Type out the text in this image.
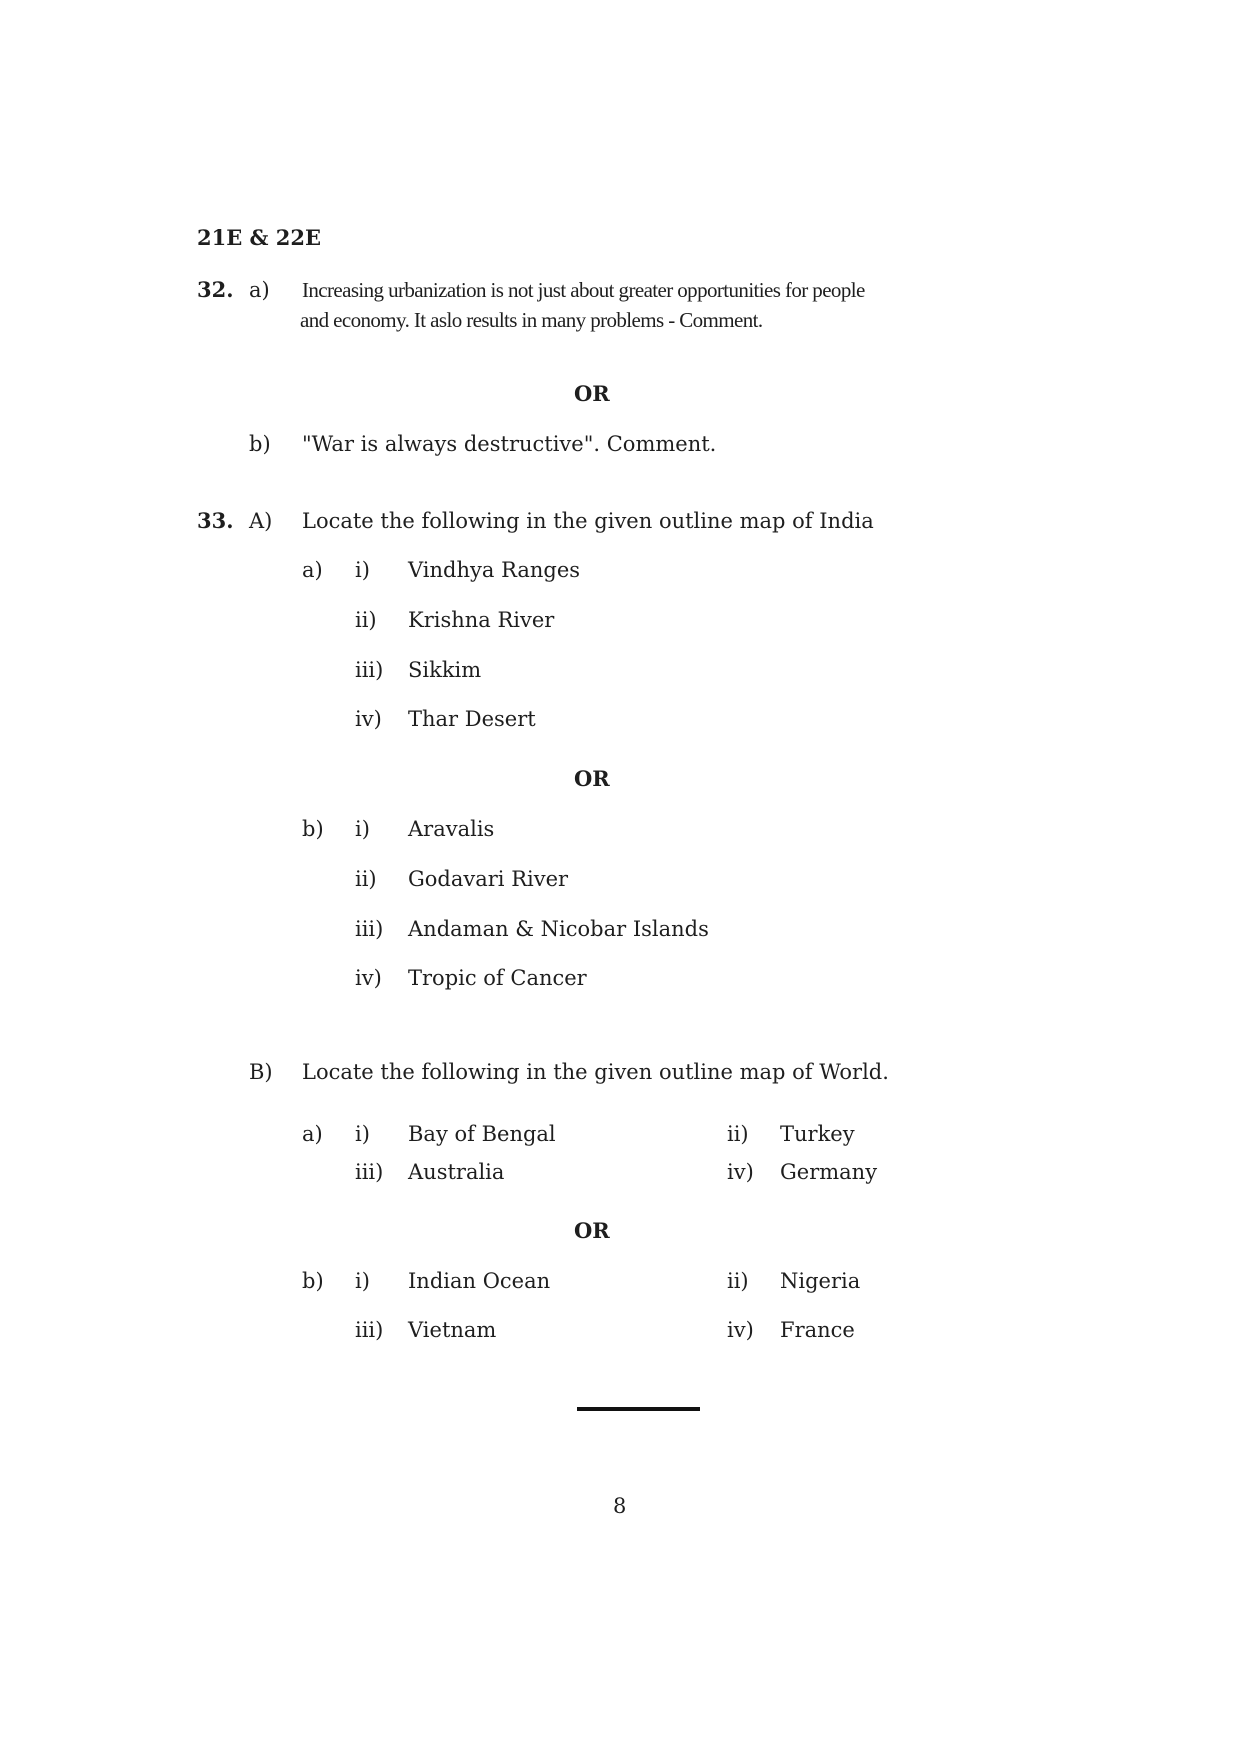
21E & 22E
32. a) Increasing urbanization is not just about greater opportunities for people
and economy. It aslo results in many problems - Comment.
OR
b) "War is always destructive". Comment.
33. A) Locate the following in the given outline map of India
a) i) Vindhya Ranges
ii) Krishna River
iii) Sikkim
iv) Thar Desert
OR
b) i) Aravalis
ii) Godavari River
iii) Andaman & Nicobar Islands
iv) Tropic of Cancer
B) Locate the following in the given outline map of World.
a) i) Bay of Bengal	ii) Turkey
iii) Australia	iv) Germany
OR
b) i) Indian Ocean	ii) Nigeria
iii) Vietnam	iv) France
8
